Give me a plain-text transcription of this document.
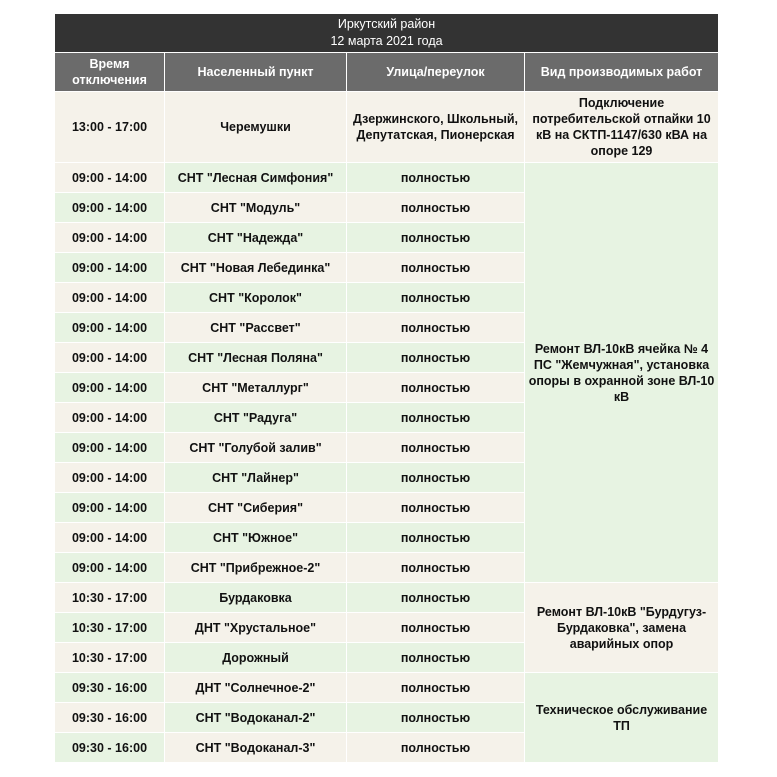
Иркутский район
12 марта 2021 года			

Время отключения	Населенный пункт	Улица/переулок	Вид производимых работ
13:00 - 17:00	Черемушки	Дзержинского, Школьный, Депутатская, Пионерская	Подключение потребительской отпайки 10 кВ на СКТП-1147/630 кВА на опоре 129
09:00 - 14:00	СНТ "Лесная Симфония"	полностью	Ремонт ВЛ-10кВ ячейка № 4 ПС "Жемчужная", установка опоры в охранной зоне ВЛ-10 кВ
09:00 - 14:00	СНТ "Модуль"	полностью	
09:00 - 14:00	СНТ "Надежда"	полностью	
09:00 - 14:00	СНТ "Новая Лебединка"	полностью	
09:00 - 14:00	СНТ "Королок"	полностью	
09:00 - 14:00	СНТ "Рассвет"	полностью	
09:00 - 14:00	СНТ "Лесная Поляна"	полностью	
09:00 - 14:00	СНТ "Металлург"	полностью	
09:00 - 14:00	СНТ "Радуга"	полностью	
09:00 - 14:00	СНТ "Голубой залив"	полностью	
09:00 - 14:00	СНТ "Лайнер"	полностью	
09:00 - 14:00	СНТ "Сиберия"	полностью	
09:00 - 14:00	СНТ "Южное"	полностью	
09:00 - 14:00	СНТ "Прибрежное-2"	полностью	
10:30 - 17:00	Бурдаковка	полностью	Ремонт ВЛ-10кВ "Бурдугуз-Бурдаковка", замена аварийных опор
10:30 - 17:00	ДНТ "Хрустальное"	полностью	
10:30 - 17:00	Дорожный	полностью	
09:30 - 16:00	ДНТ "Солнечное-2"	полностью	Техническое обслуживание ТП
09:30 - 16:00	СНТ "Водоканал-2"	полностью	
09:30 - 16:00	СНТ "Водоканал-3"	полностью	
